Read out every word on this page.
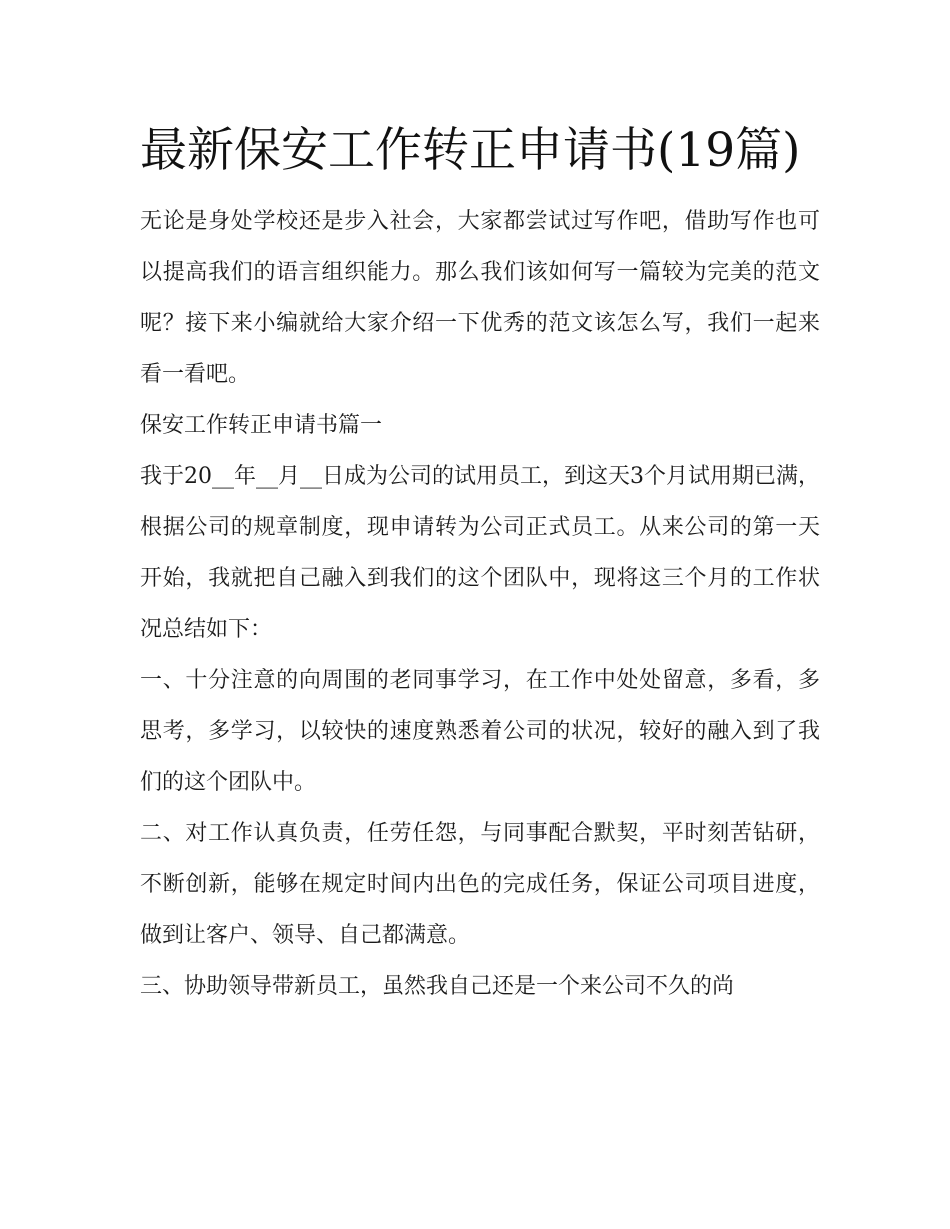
最新保安工作转正申请书(19篇)

无论是身处学校还是步入社会，大家都尝试过写作吧，借助写作也可以提高我们的语言组织能力。那么我们该如何写一篇较为完美的范文呢？接下来小编就给大家介绍一下优秀的范文该怎么写，我们一起来看一看吧。

保安工作转正申请书篇一

我于20__年__月__日成为公司的试用员工，到这天3个月试用期已满，根据公司的规章制度，现申请转为公司正式员工。从来公司的第一天开始，我就把自己融入到我们的这个团队中，现将这三个月的工作状况总结如下：

一、十分注意的向周围的老同事学习，在工作中处处留意，多看，多思考，多学习，以较快的速度熟悉着公司的状况，较好的融入到了我们的这个团队中。

二、对工作认真负责，任劳任怨，与同事配合默契，平时刻苦钻研，不断创新，能够在规定时间内出色的完成任务，保证公司项目进度，做到让客户、领导、自己都满意。

三、协助领导带新员工，虽然我自己还是一个来公司不久的尚
